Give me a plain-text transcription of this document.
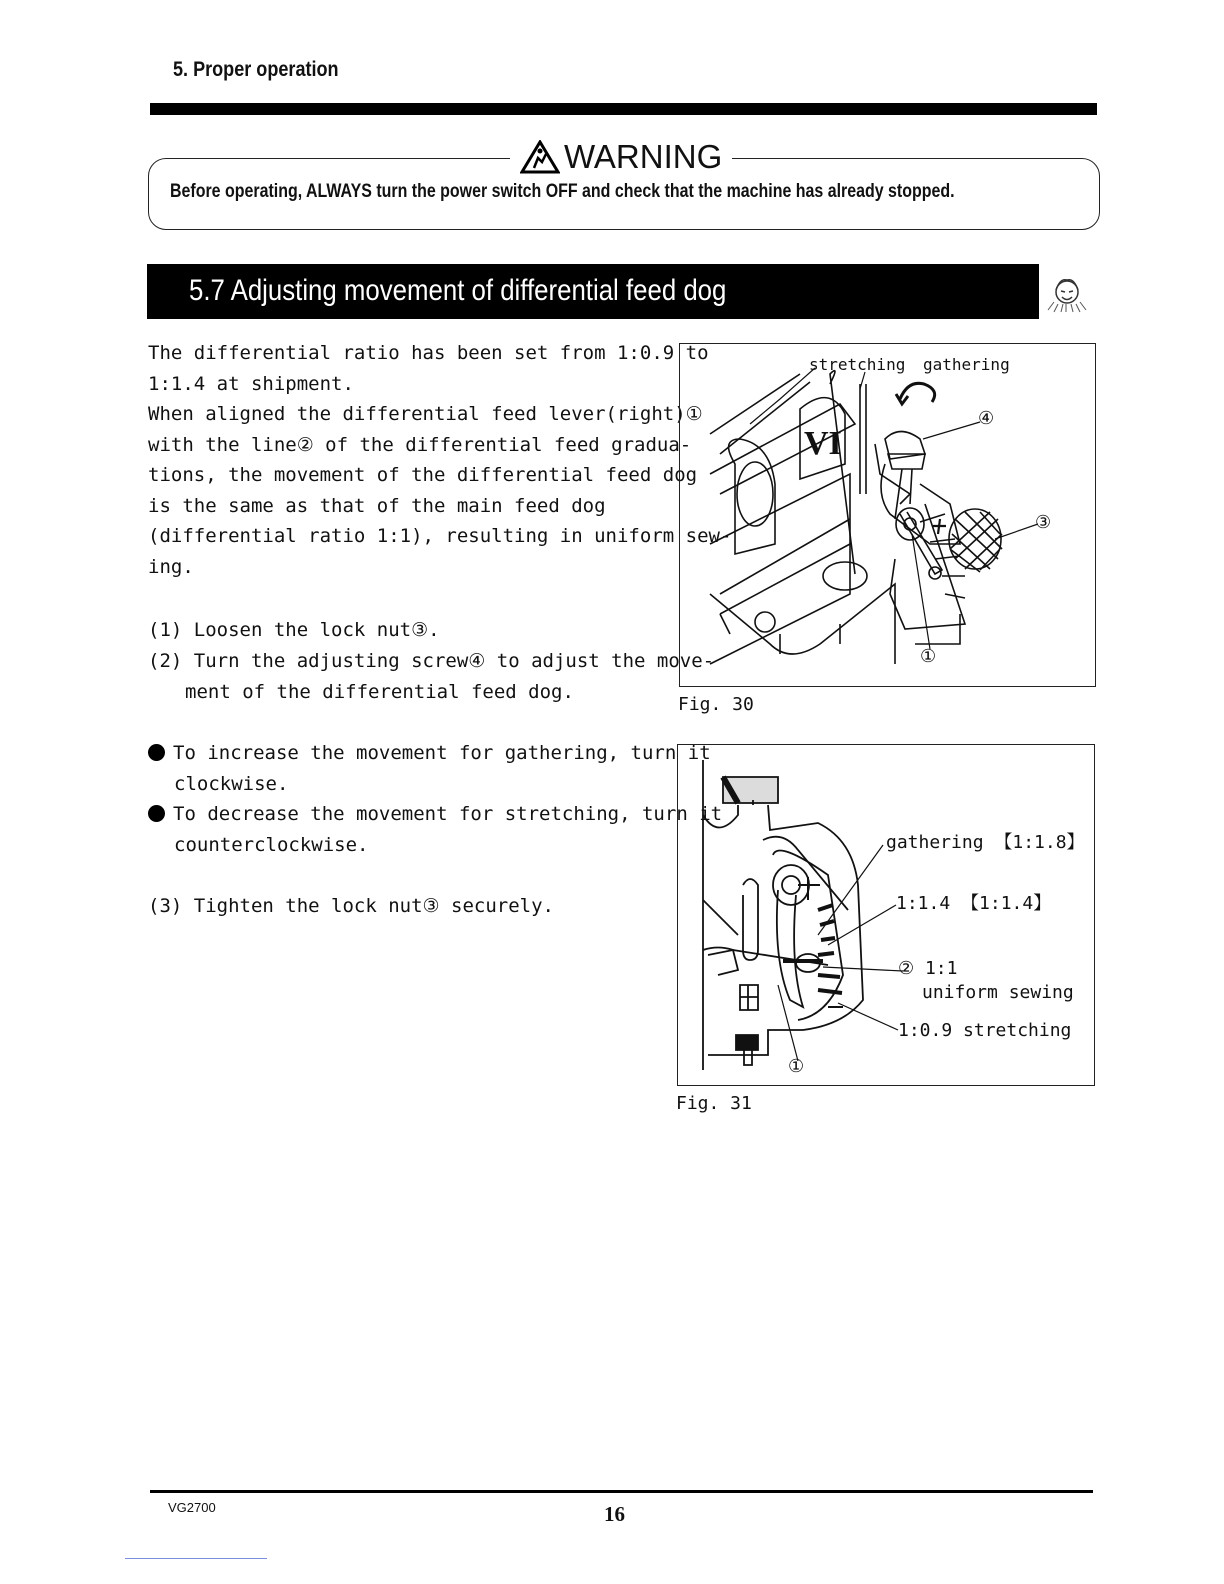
5. Proper operation
WARNING
Before operating, ALWAYS turn the power switch OFF and check that the machine has already stopped.
5.7 Adjusting movement of differential feed dog
The differential ratio has been set from 1:0.9 to
1:1.4 at shipment.
When aligned the differential feed lever(right)①
with the line② of the differential feed gradua-
tions, the movement of the differential feed dog
is the same as that of the main feed dog
(differential ratio 1:1), resulting in uniform sew-
ing.
(1) Loosen the lock nut③.
(2) Turn the adjusting screw④ to adjust the move-
ment of the differential feed dog.
To increase the movement for gathering, turn it
clockwise.
To decrease the movement for stretching, turn it
counterclockwise.
(3) Tighten the lock nut③ securely.
VI
stretching gathering
④
③
①
Fig. 30
gathering 【1:1.8】
1:1.4 【1:1.4】
② 1:1
uniform sewing
1:0.9 stretching
①
Fig. 31
VG2700	16
